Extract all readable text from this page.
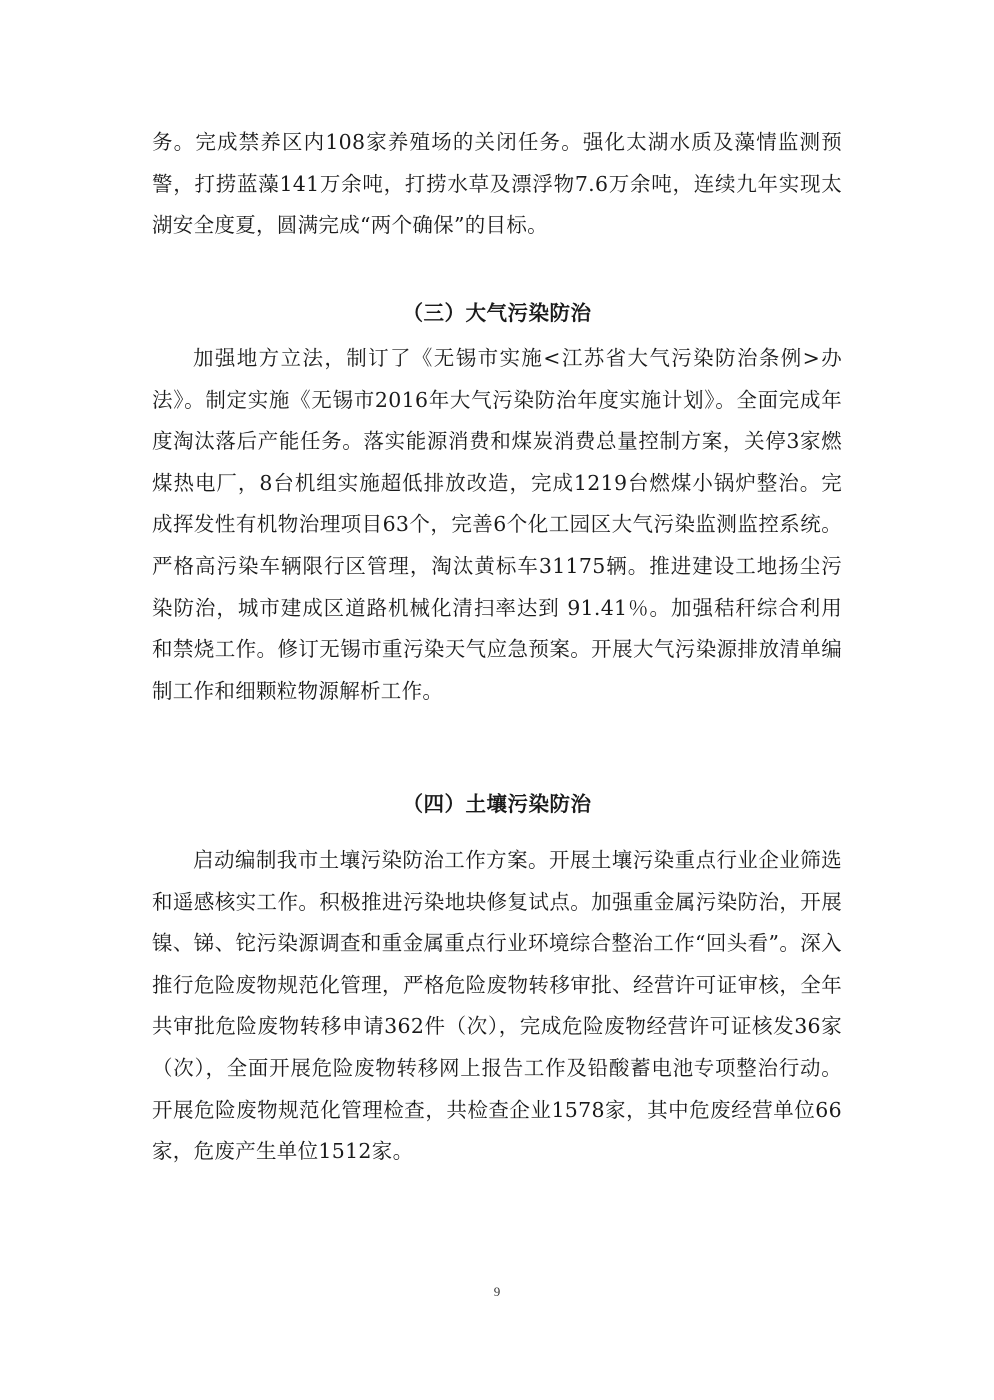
务。完成禁养区内108家养殖场的关闭任务。强化太湖水质及藻情监测预警，打捞蓝藻141万余吨，打捞水草及漂浮物7.6万余吨，连续九年实现太湖安全度夏，圆满完成“两个确保”的目标。

（三）大气污染防治

加强地方立法，制订了《无锡市实施<江苏省大气污染防治条例>办法》。制定实施《无锡市2016年大气污染防治年度实施计划》。全面完成年度淘汰落后产能任务。落实能源消费和煤炭消费总量控制方案，关停3家燃煤热电厂，8台机组实施超低排放改造，完成1219台燃煤小锅炉整治。完成挥发性有机物治理项目63个，完善6个化工园区大气污染监测监控系统。严格高污染车辆限行区管理，淘汰黄标车31175辆。推进建设工地扬尘污染防治，城市建成区道路机械化清扫率达到 91.41％。加强秸秆综合利用和禁烧工作。修订无锡市重污染天气应急预案。开展大气污染源排放清单编制工作和细颗粒物源解析工作。

（四）土壤污染防治

启动编制我市土壤污染防治工作方案。开展土壤污染重点行业企业筛选和遥感核实工作。积极推进污染地块修复试点。加强重金属污染防治，开展镍、锑、铊污染源调查和重金属重点行业环境综合整治工作“回头看”。深入推行危险废物规范化管理，严格危险废物转移审批、经营许可证审核，全年共审批危险废物转移申请362件（次），完成危险废物经营许可证核发36家（次），全面开展危险废物转移网上报告工作及铅酸蓄电池专项整治行动。开展危险废物规范化管理检查，共检查企业1578家，其中危废经营单位66家，危废产生单位1512家。

9
